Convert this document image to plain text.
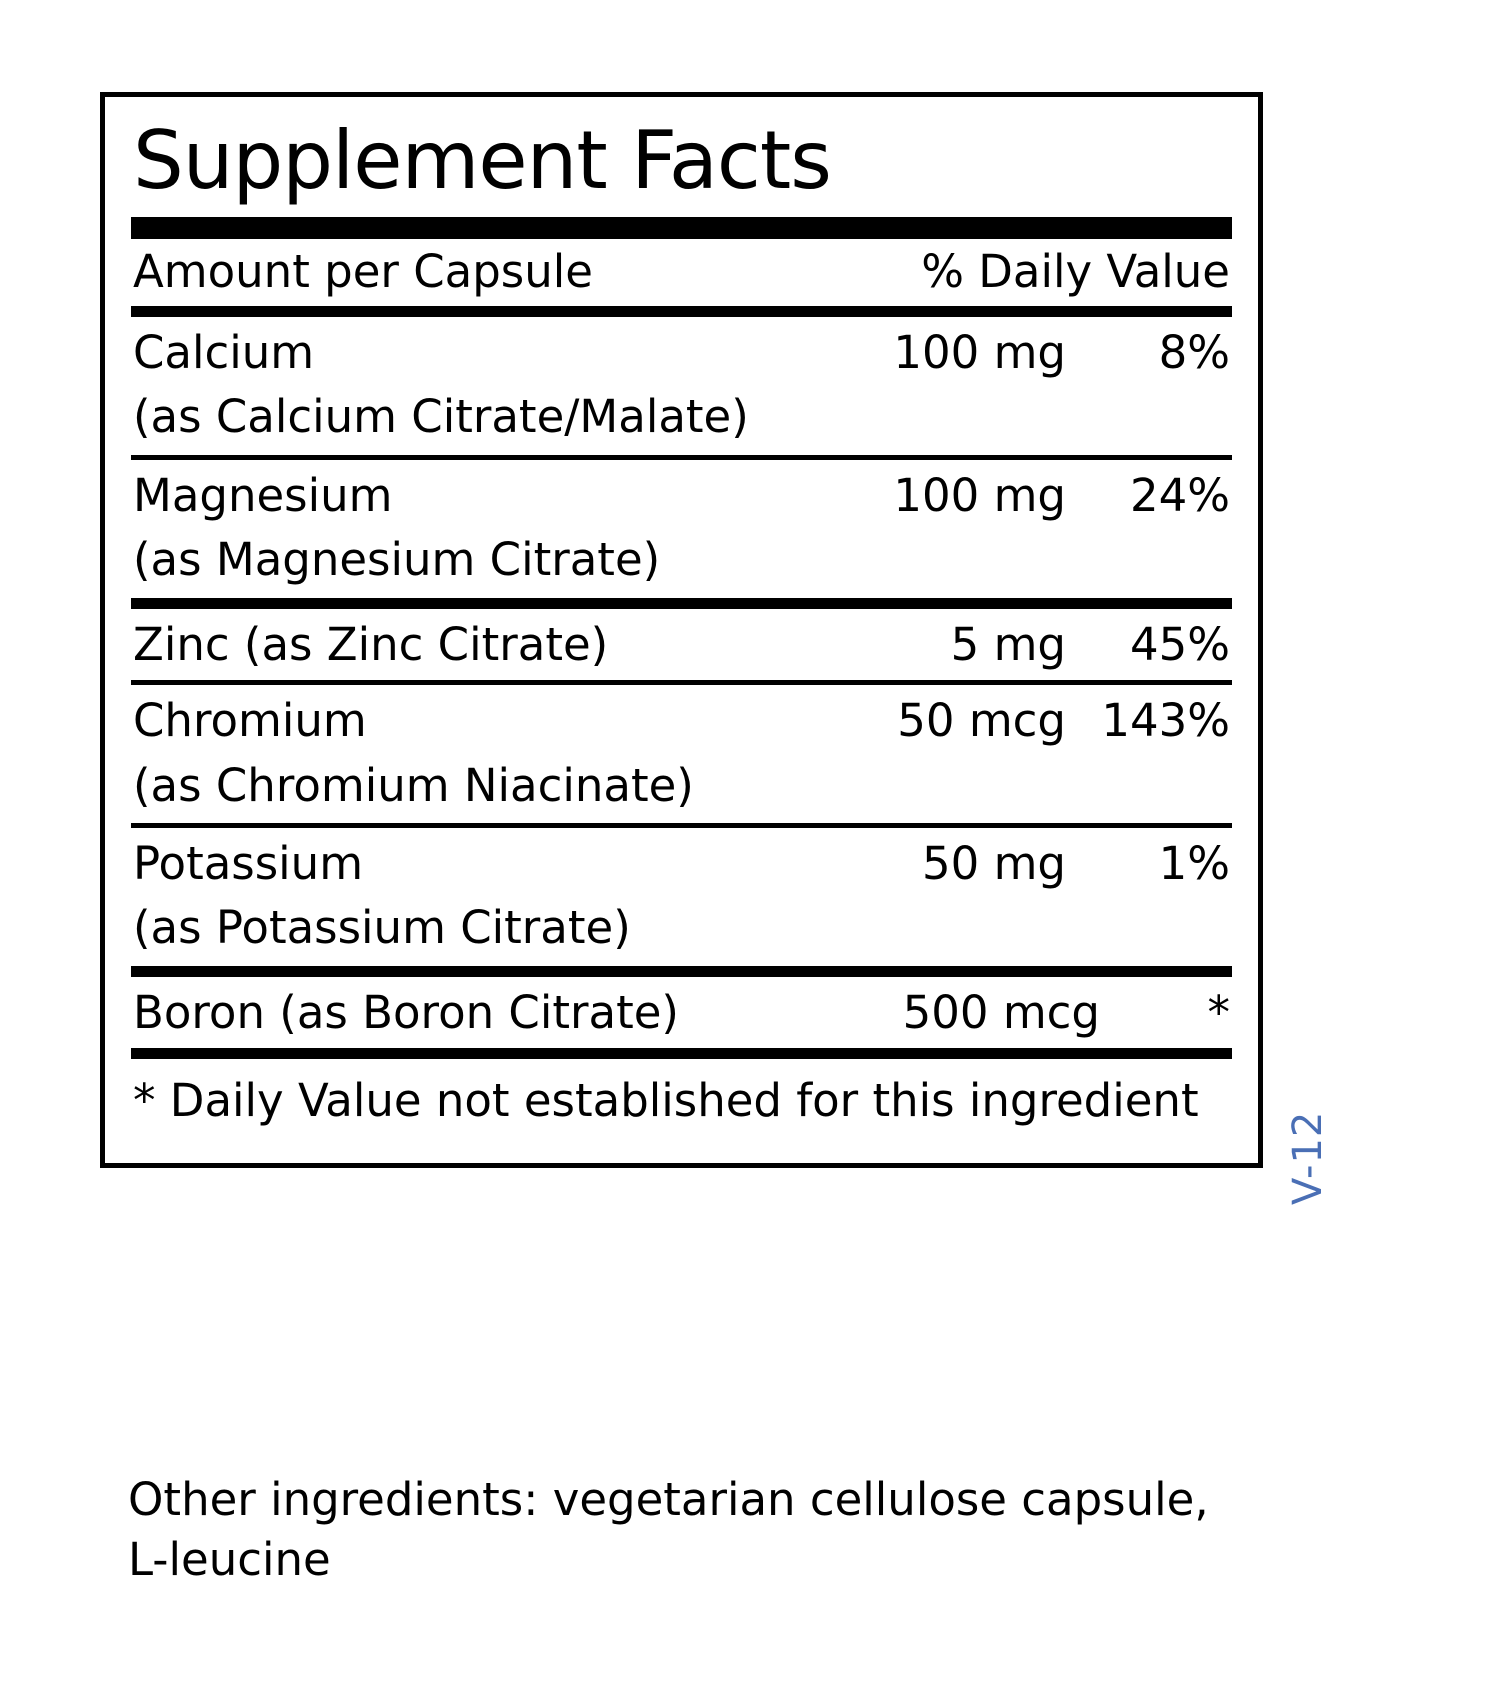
Supplement Facts
Amount per Capsule	% Daily Value
Calcium	100 mg	8%
(as Calcium Citrate/Malate)
Magnesium	100 mg	24%
(as Magnesium Citrate)
Zinc (as Zinc Citrate)	5 mg	45%
Chromium	50 mcg 143%
(as Chromium Niacinate)
Potassium	50 mg	1%
(as Potassium Citrate)
Boron (as Boron Citrate)	500 mcg	*
* Daily Value not established for this ingredient
Other ingredients: vegetarian cellulose capsule, L-leucine
V-12
